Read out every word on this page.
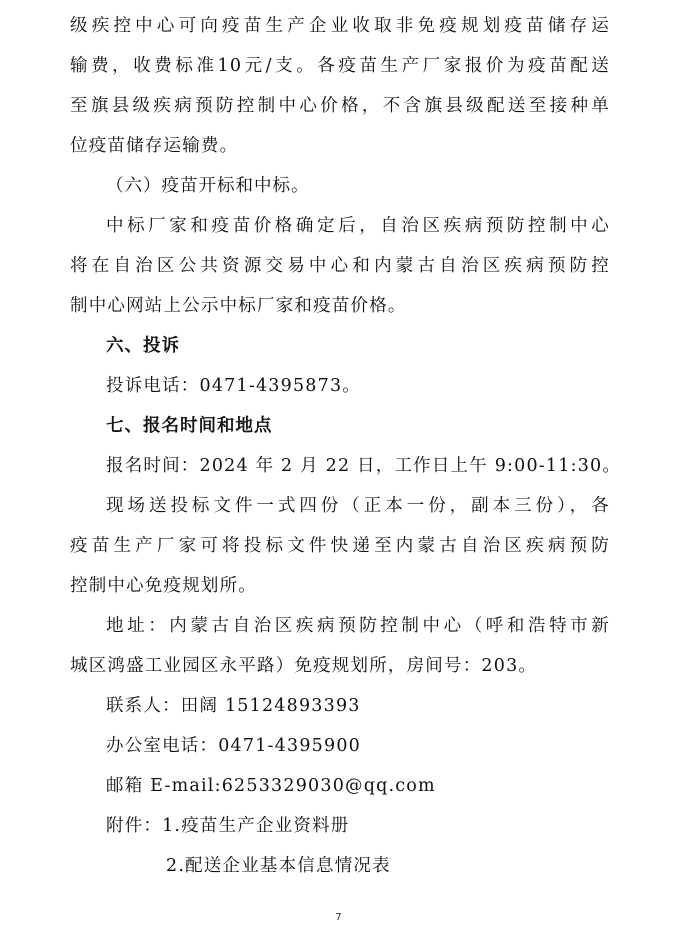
级疾控中心可向疫苗生产企业收取非免疫规划疫苗储存运
输费，收费标准10元/支。各疫苗生产厂家报价为疫苗配送
至旗县级疾病预防控制中心价格，不含旗县级配送至接种单
位疫苗储存运输费。
（六）疫苗开标和中标。
中标厂家和疫苗价格确定后，自治区疾病预防控制中心
将在自治区公共资源交易中心和内蒙古自治区疾病预防控
制中心网站上公示中标厂家和疫苗价格。
六、投诉
投诉电话：0471-4395873。
七、报名时间和地点
报名时间：2024 年 2 月 22 日，工作日上午 9:00-11:30。
现场送投标文件一式四份（正本一份，副本三份），各
疫苗生产厂家可将投标文件快递至内蒙古自治区疾病预防
控制中心免疫规划所。
地址：内蒙古自治区疾病预防控制中心（呼和浩特市新
城区鸿盛工业园区永平路）免疫规划所，房间号：203。
联系人：田阔 15124893393
办公室电话：0471-4395900
邮箱 E-mail:6253329030@qq.com
附件：1.疫苗生产企业资料册
2.配送企业基本信息情况表
7
